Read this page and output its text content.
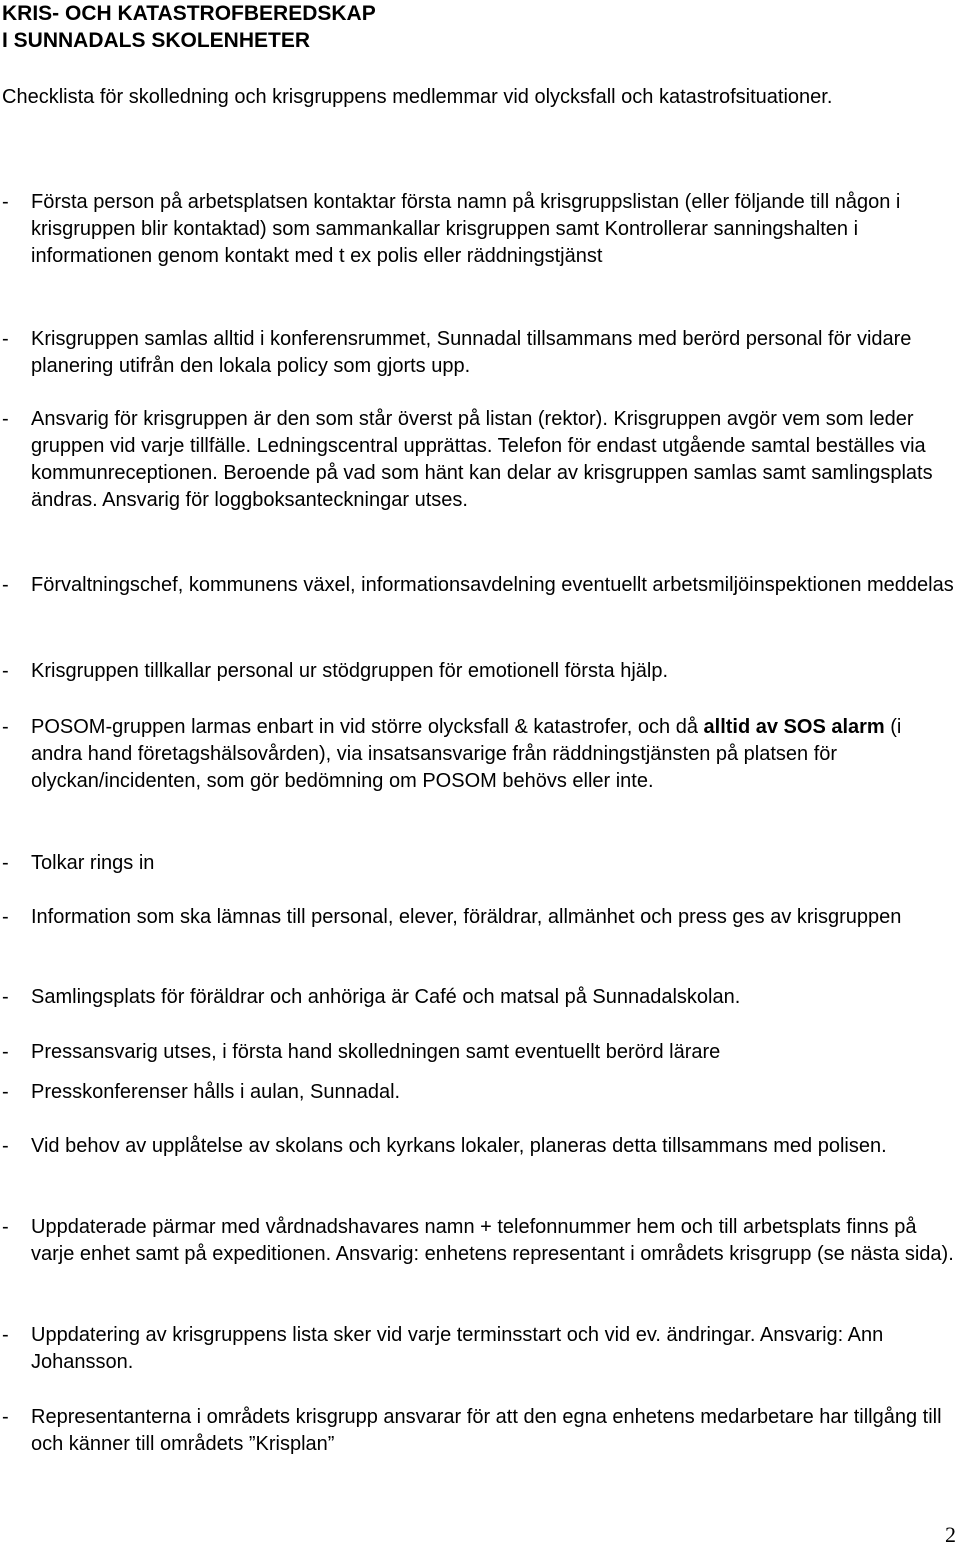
KRIS- OCH KATASTROFBEREDSKAP
I SUNNADALS SKOLENHETER

Checklista för skolledning och krisgruppens medlemmar vid olycksfall och katastrofsituationer.

- Första person på arbetsplatsen kontaktar första namn på krisgruppslistan (eller följande till någon i krisgruppen blir kontaktad) som sammankallar krisgruppen samt Kontrollerar sanningshalten i informationen genom kontakt med t ex polis eller räddningstjänst
- Krisgruppen samlas alltid i konferensrummet, Sunnadal tillsammans med berörd personal för vidare planering utifrån den lokala policy som gjorts upp.
- Ansvarig för krisgruppen är den som står överst på listan (rektor). Krisgruppen avgör vem som leder gruppen vid varje tillfälle. Ledningscentral upprättas. Telefon för endast utgående samtal beställes via kommunreceptionen. Beroende på vad som hänt kan delar av krisgruppen samlas samt samlingsplats ändras. Ansvarig för loggboksanteckningar utses.
- Förvaltningschef, kommunens växel, informationsavdelning eventuellt arbetsmiljöinspektionen meddelas
- Krisgruppen tillkallar personal ur stödgruppen för emotionell första hjälp.
- POSOM-gruppen larmas enbart in vid större olycksfall & katastrofer, och då alltid av SOS alarm (i andra hand företagshälsovården), via insatsansvarige från räddningstjänsten på platsen för olyckan/incidenten, som gör bedömning om POSOM behövs eller inte.
- Tolkar rings in
- Information som ska lämnas till personal, elever, föräldrar, allmänhet och press ges av krisgruppen
- Samlingsplats för föräldrar och anhöriga är Café och matsal på Sunnadalskolan.
- Pressansvarig utses, i första hand skolledningen samt eventuellt berörd lärare
- Presskonferenser hålls i aulan, Sunnadal.
- Vid behov av upplåtelse av skolans och kyrkans lokaler, planeras detta tillsammans med polisen.
- Uppdaterade pärmar med vårdnadshavares namn + telefonnummer hem och till arbetsplats finns på varje enhet samt på expeditionen. Ansvarig: enhetens representant i områdets krisgrupp (se nästa sida).
- Uppdatering av krisgruppens lista sker vid varje terminsstart och vid ev. ändringar. Ansvarig: Ann Johansson.
- Representanterna i områdets krisgrupp ansvarar för att den egna enhetens medarbetare har tillgång till och känner till områdets ”Krisplan”
2
